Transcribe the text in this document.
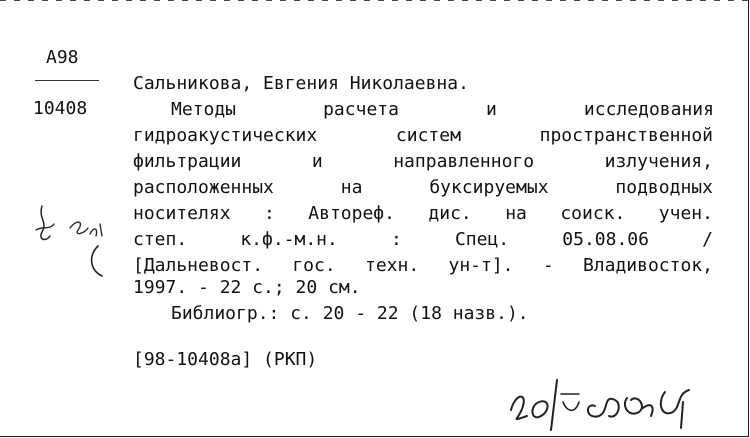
А98
10408
Сальникова, Евгения Николаевна.
Методы	расчета	и	исследования
гидроакустических	систем	пространственной
фильтрации	и	направленного	излучения,
расположенных	на	буксируемых	подводных
носителях : Автореф. дис. на соиск. учен.
степ.	к.ф.-м.н.	:	Спец.	05.08.06	/
[Дальневост. гос. техн. ун-т]. - Владивосток,
1997. - 22 с.; 20 см.
Библиогр.: с. 20 - 22 (18 назв.).
[98-10408а] (РКП)
